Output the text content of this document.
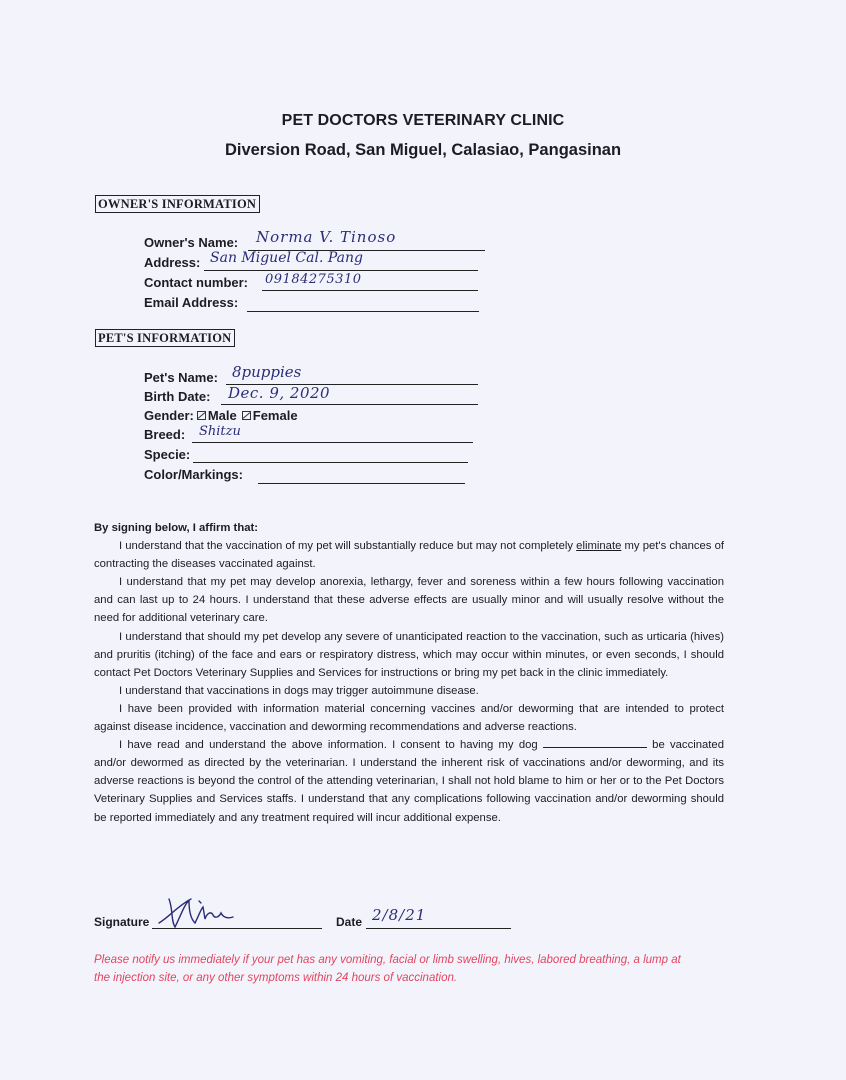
PET DOCTORS VETERINARY CLINIC
Diversion Road, San Miguel, Calasiao, Pangasinan
OWNER'S INFORMATION
Owner's Name: Norma V. Tinoso
Address: San Miguel Cal. Pang
Contact number: 09184275310
Email Address:
PET'S INFORMATION
Pet's Name: 8puppies
Birth Date: Dec. 9, 2020
Gender: Male Female
Breed: Shitzu
Specie:
Color/Markings:

By signing below, I affirm that:

I understand that the vaccination of my pet will substantially reduce but may not completely eliminate my pet's chances of contracting the diseases vaccinated against.

I understand that my pet may develop anorexia, lethargy, fever and soreness within a few hours following vaccination and can last up to 24 hours. I understand that these adverse effects are usually minor and will usually resolve without the need for additional veterinary care.

I understand that should my pet develop any severe of unanticipated reaction to the vaccination, such as urticaria (hives) and pruritis (itching) of the face and ears or respiratory distress, which may occur within minutes, or even seconds, I should contact Pet Doctors Veterinary Supplies and Services for instructions or bring my pet back in the clinic immediately.

I understand that vaccinations in dogs may trigger autoimmune disease.

I have been provided with information material concerning vaccines and/or deworming that are intended to protect against disease incidence, vaccination and deworming recommendations and adverse reactions.

I have read and understand the above information. I consent to having my dog	be vaccinated and/or dewormed as directed by the veterinarian. I understand the inherent risk of vaccinations and/or deworming, and its adverse reactions is beyond the control of the attending veterinarian, I shall not hold blame to him or her or to the Pet Doctors Veterinary Supplies and Services staffs. I understand that any complications following vaccination and/or deworming should be reported immediately and any treatment required will incur additional expense.

Signature	Date 2/8/21
Please notify us immediately if your pet has any vomiting, facial or limb swelling, hives, labored breathing, a lump at the injection site, or any other symptoms within 24 hours of vaccination.
